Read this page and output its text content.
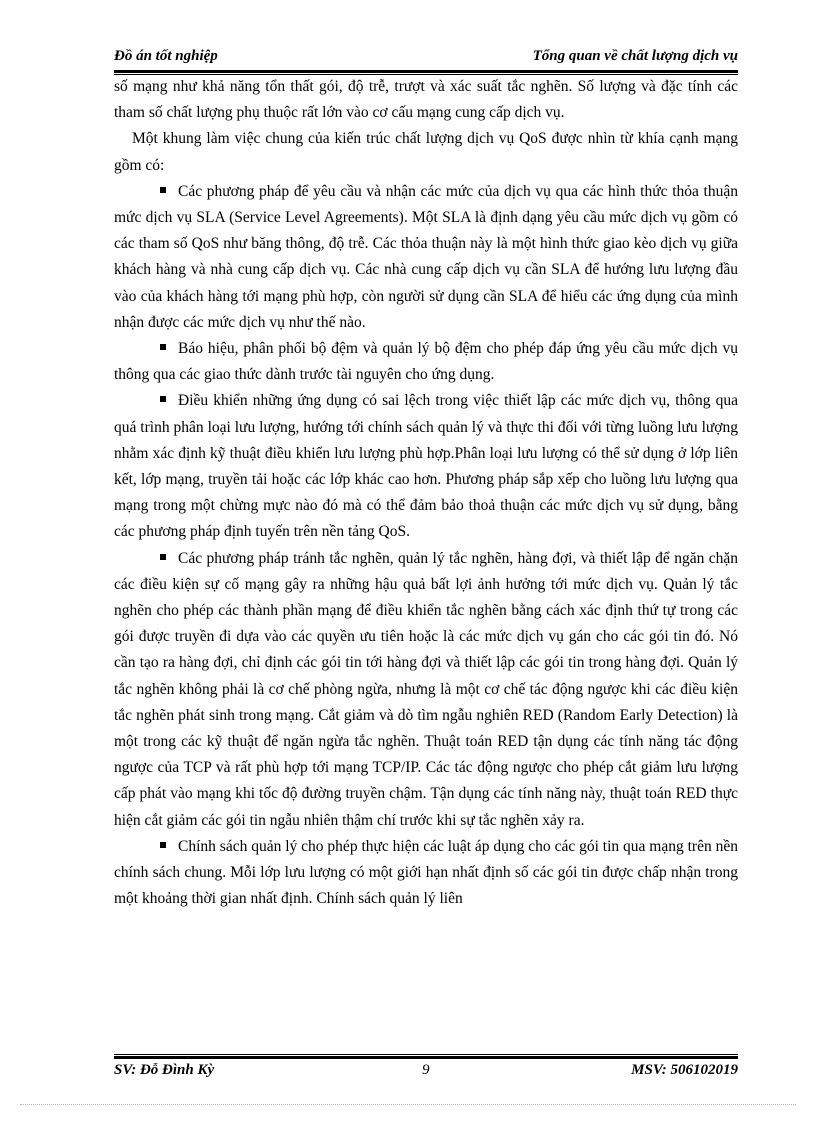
Đồ án tốt nghiệp	Tổng quan về chất lượng dịch vụ

số mạng như khả năng tổn thất gói, độ trễ, trượt và xác suất tắc nghẽn. Số lượng và đặc tính các tham số chất lượng phụ thuộc rất lớn vào cơ cấu mạng cung cấp dịch vụ.

Một khung làm việc chung của kiến trúc chất lượng dịch vụ QoS được nhìn từ khía cạnh mạng gồm có:

Các phương pháp để yêu cầu và nhận các mức của dịch vụ qua các hình thức thỏa thuận mức dịch vụ SLA (Service Level Agreements). Một SLA là định dạng yêu cầu mức dịch vụ gồm có các tham số QoS như băng thông, độ trễ. Các thỏa thuận này là một hình thức giao kèo dịch vụ giữa khách hàng và nhà cung cấp dịch vụ. Các nhà cung cấp dịch vụ cần SLA để hướng lưu lượng đầu vào của khách hàng tới mạng phù hợp, còn người sử dụng cần SLA để hiểu các ứng dụng của mình nhận được các mức dịch vụ như thế nào.

Báo hiệu, phân phối bộ đệm và quản lý bộ đệm cho phép đáp ứng yêu cầu mức dịch vụ thông qua các giao thức dành trước tài nguyên cho ứng dụng.

Điều khiển những ứng dụng có sai lệch trong việc thiết lập các mức dịch vụ, thông qua quá trình phân loại lưu lượng, hướng tới chính sách quản lý và thực thi đối với từng luồng lưu lượng nhằm xác định kỹ thuật điều khiển lưu lượng phù hợp.Phân loại lưu lượng có thể sử dụng ở lớp liên kết, lớp mạng, truyền tải hoặc các lớp khác cao hơn. Phương pháp sắp xếp cho luồng lưu lượng qua mạng trong một chừng mực nào đó mà có thể đảm bảo thoả thuận các mức dịch vụ sử dụng, bằng các phương pháp định tuyến trên nền tảng QoS.

Các phương pháp tránh tắc nghẽn, quản lý tắc nghẽn, hàng đợi, và thiết lập để ngăn chặn các điều kiện sự cố mạng gây ra những hậu quả bất lợi ảnh hưởng tới mức dịch vụ. Quản lý tắc nghẽn cho phép các thành phần mạng để điều khiển tắc nghẽn bằng cách xác định thứ tự trong các gói được truyền đi dựa vào các quyền ưu tiên hoặc là các mức dịch vụ gán cho các gói tin đó. Nó cần tạo ra hàng đợi, chỉ định các gói tin tới hàng đợi và thiết lập các gói tin trong hàng đợi. Quản lý tắc nghẽn không phải là cơ chế phòng ngừa, nhưng là một cơ chế tác động ngược khi các điều kiện tắc nghẽn phát sinh trong mạng. Cắt giảm và dò tìm ngẫu nghiên RED (Random Early Detection) là một trong các kỹ thuật để ngăn ngừa tắc nghẽn. Thuật toán RED tận dụng các tính năng tác động ngược của TCP và rất phù hợp tới mạng TCP/IP. Các tác động ngược cho phép cắt giảm lưu lượng cấp phát vào mạng khi tốc độ đường truyền chậm. Tận dụng các tính năng này, thuật toán RED thực hiện cắt giảm các gói tin ngẫu nhiên thậm chí trước khi sự tắc nghẽn xảy ra.

Chính sách quản lý cho phép thực hiện các luật áp dụng cho các gói tin qua mạng trên nền chính sách chung. Mỗi lớp lưu lượng có một giới hạn nhất định số các gói tin được chấp nhận trong một khoảng thời gian nhất định. Chính sách quản lý liên

SV: Đỗ Đình Kỳ	9	MSV: 506102019
